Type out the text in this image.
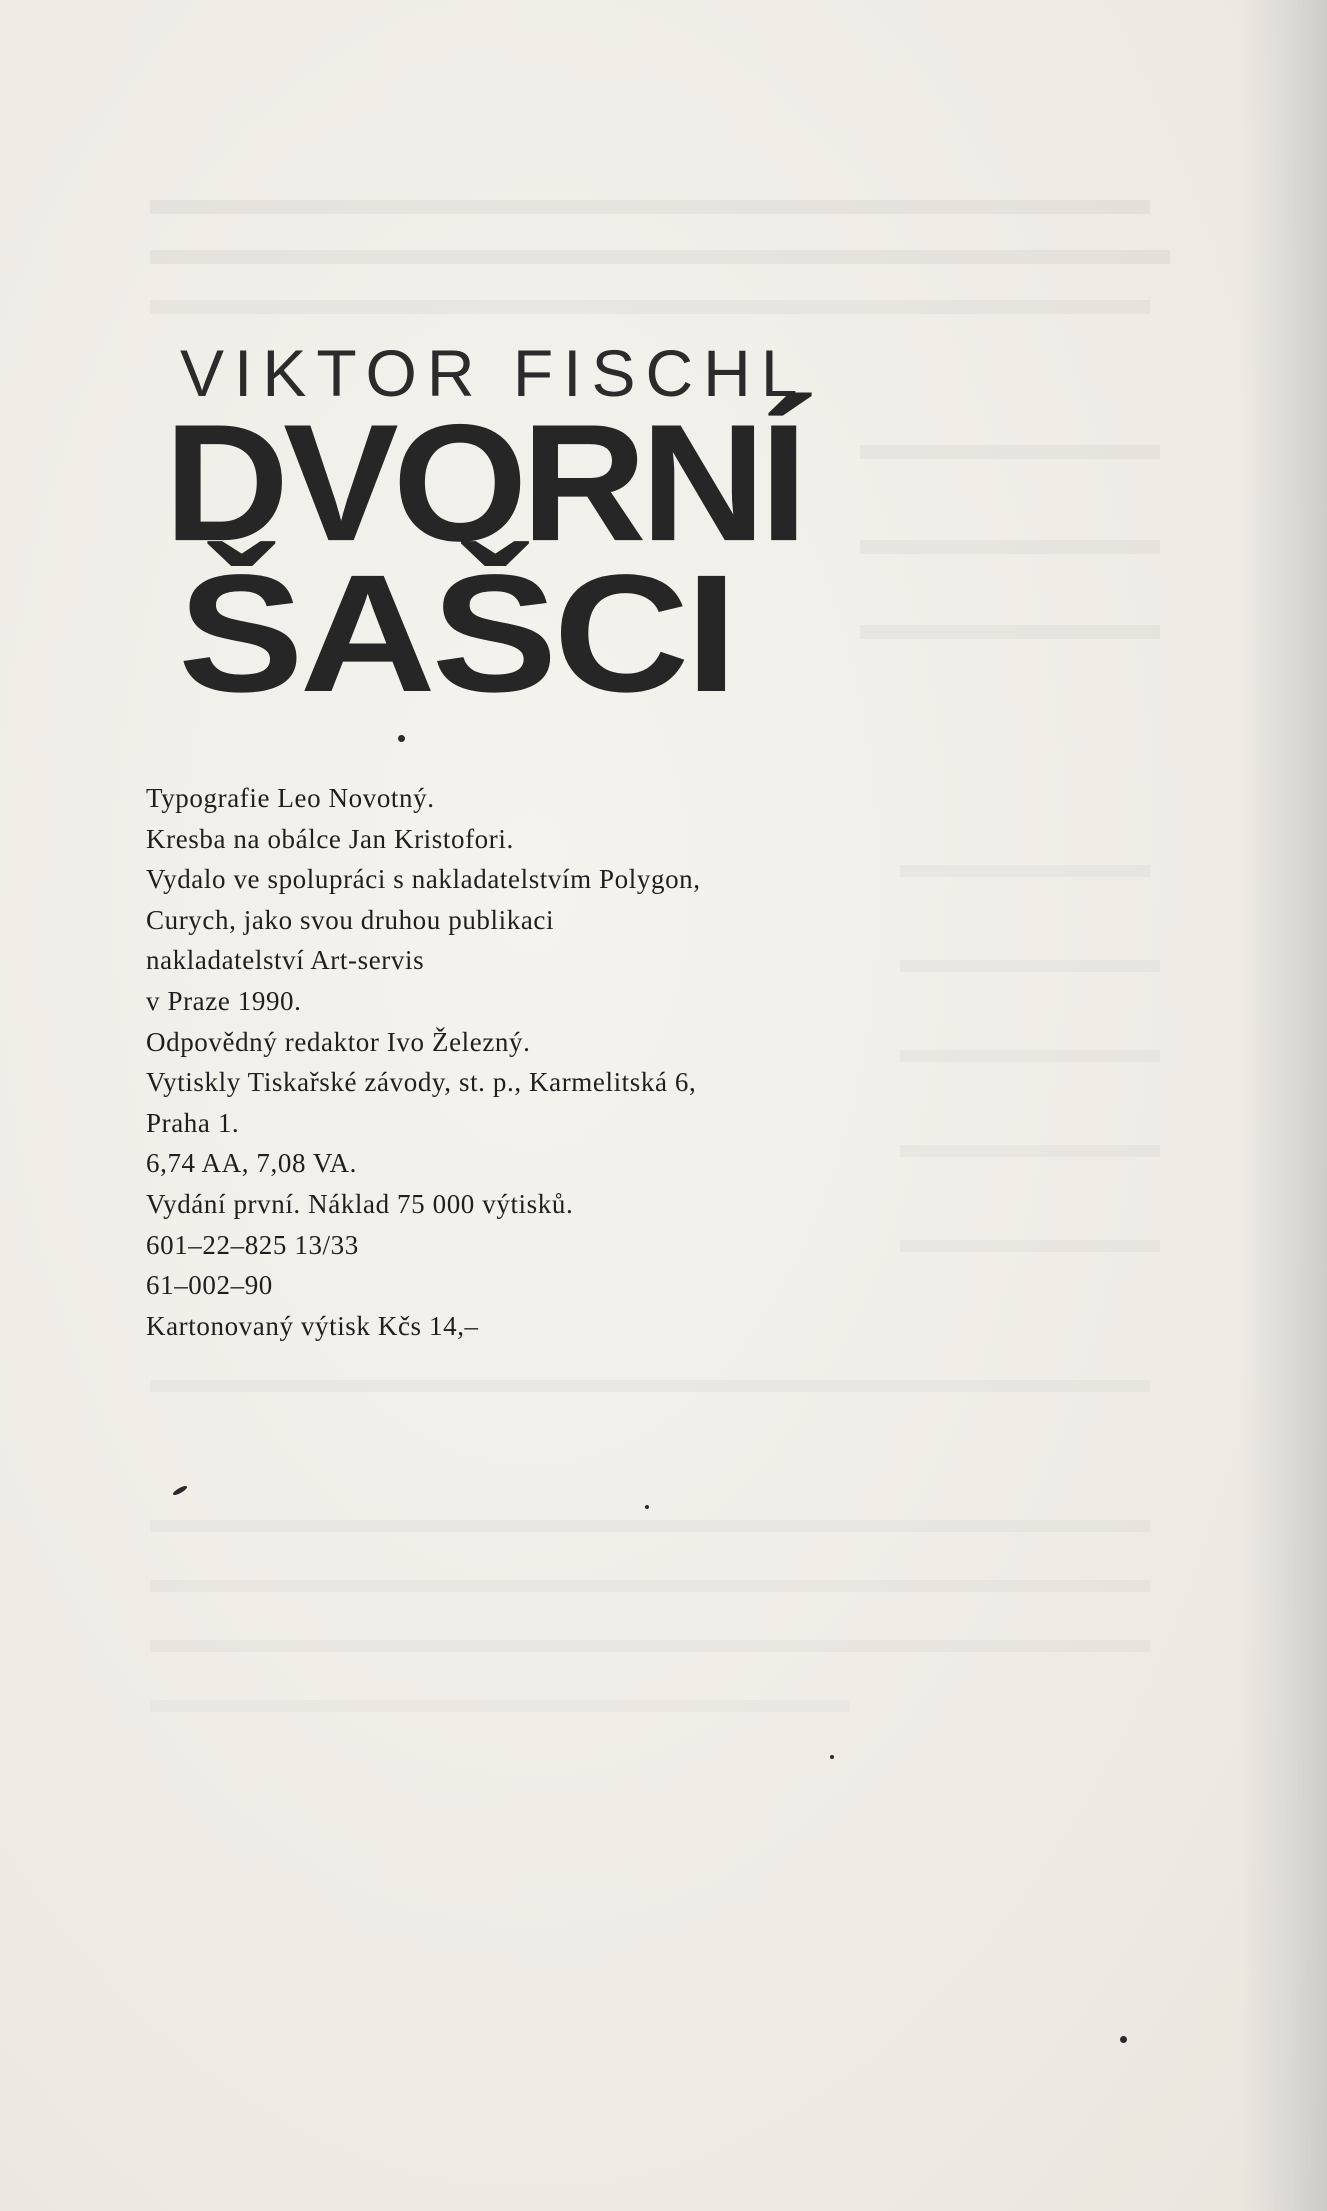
VIKTOR FISCHL
DVORNÍ
ŠAŠCI
Typografie Leo Novotný.
Kresba na obálce Jan Kristofori.
Vydalo ve spolupráci s nakladatelstvím Polygon,
Curych, jako svou druhou publikaci
nakladatelství Art-servis
v Praze 1990.
Odpovědný redaktor Ivo Železný.
Vytiskly Tiskařské závody, st. p., Karmelitská 6,
Praha 1.
6,74 AA, 7,08 VA.
Vydání první. Náklad 75 000 výtisků.
601–22–825 13/33
61–002–90
Kartonovaný výtisk Kčs 14,–
